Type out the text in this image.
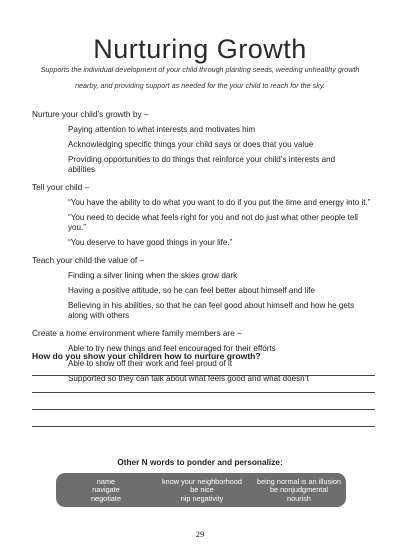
Nurturing Growth
Supports the individual development of your child through planting seeds, weeding unhealthy growth
nearby, and providing support as needed for the your child to reach for the sky.
Nurture your child’s growth by –
Paying attention to what interests and motivates him
Acknowledging specific things your child says or does that you value
Providing opportunities to do things that reinforce your child’s interests and
abilities
Tell your child –
“You have the ability to do what you want to do if you put the time and energy into it.”
“You need to decide what feels right for you and not do just what other people tell you.”
“You deserve to have good things in your life.”
Teach your child the value of –
Finding a silver lining when the skies grow dark
Having a positive attitude, so he can feel better about himself and life
Believing in his abilities, so that he can feel good about himself and how he gets
along with others
Create a home environment where family members are –
Able to try new things and feel encouraged for their efforts
Able to show off their work and feel proud of it
Supported so they can talk about what feels good and what doesn’t
How do you show your children how to nurture growth?
Other N words to ponder and personalize:
name
navigate
negotiate
know your neighborhood
be nice
nip negativity
being normal is an illusion
be nonjudgmental
nourish
29
